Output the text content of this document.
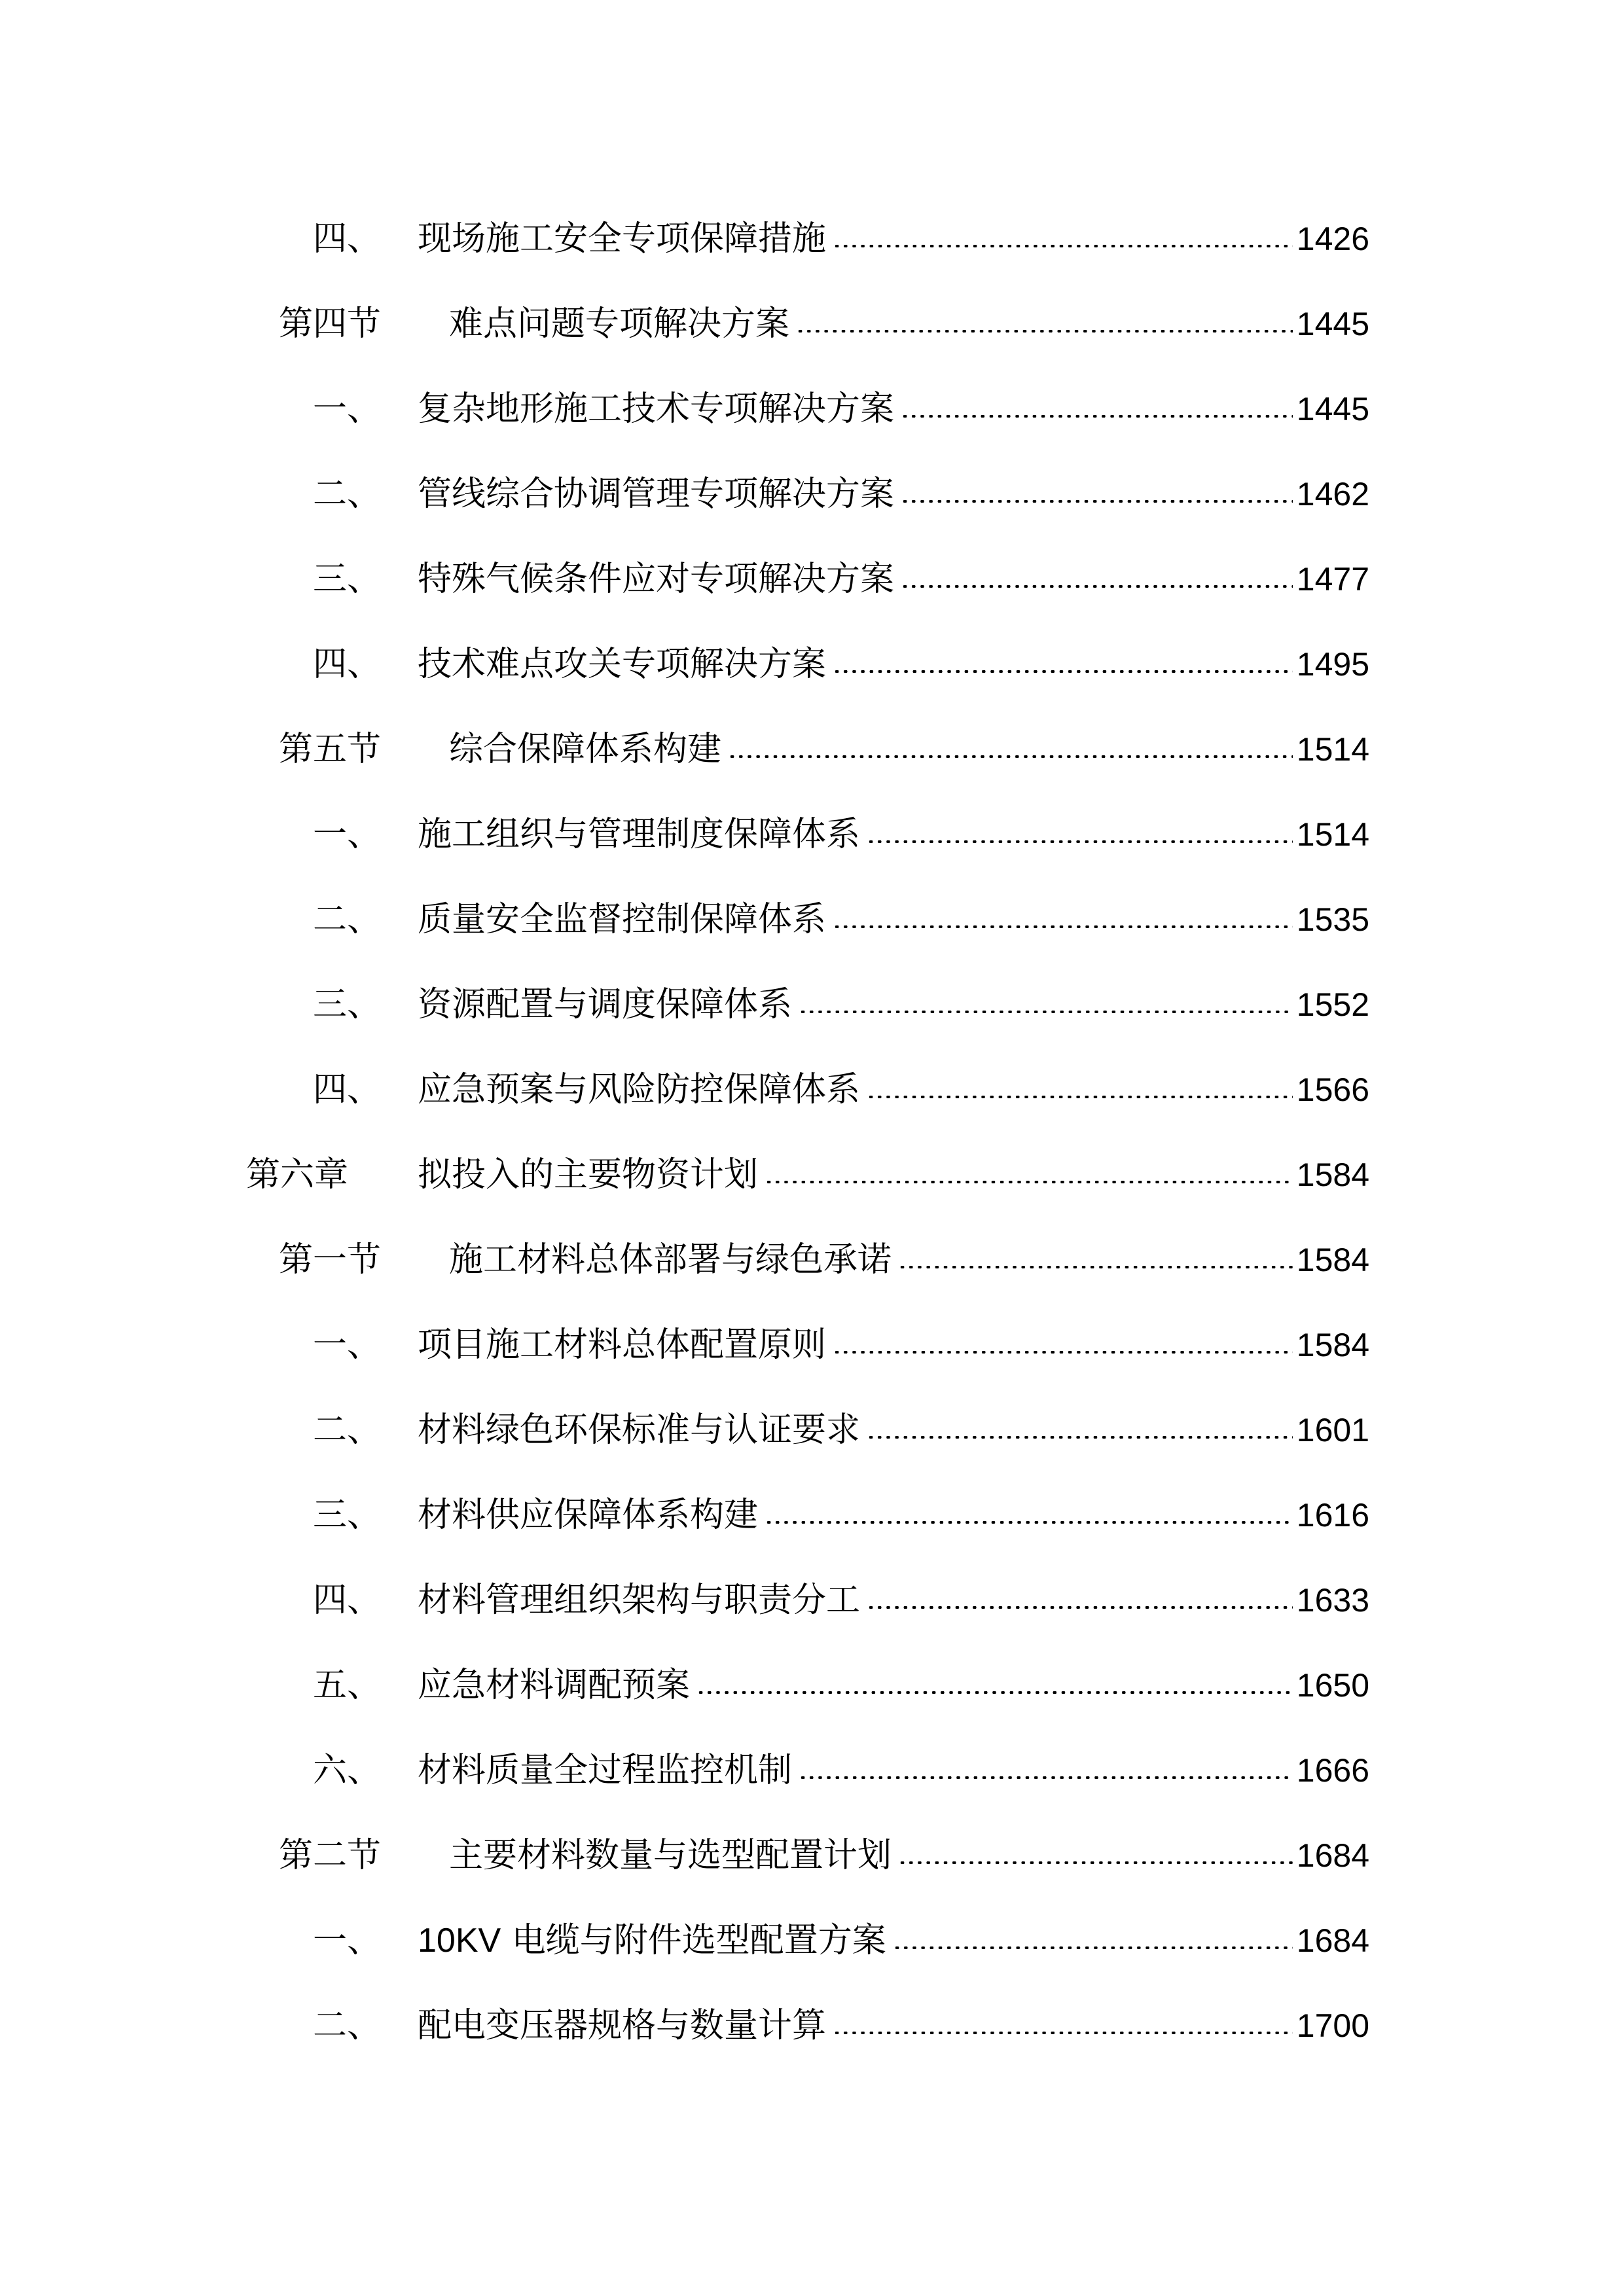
四、	现场施工安全专项保障措施	1426
第四节	难点问题专项解决方案	1445
一、	复杂地形施工技术专项解决方案	1445
二、	管线综合协调管理专项解决方案	1462
三、	特殊气候条件应对专项解决方案	1477
四、	技术难点攻关专项解决方案	1495
第五节	综合保障体系构建	1514
一、	施工组织与管理制度保障体系	1514
二、	质量安全监督控制保障体系	1535
三、	资源配置与调度保障体系	1552
四、	应急预案与风险防控保障体系	1566
第六章	拟投入的主要物资计划	1584
第一节	施工材料总体部署与绿色承诺	1584
一、	项目施工材料总体配置原则	1584
二、	材料绿色环保标准与认证要求	1601
三、	材料供应保障体系构建	1616
四、	材料管理组织架构与职责分工	1633
五、	应急材料调配预案	1650
六、	材料质量全过程监控机制	1666
第二节	主要材料数量与选型配置计划	1684
一、	10KV 电缆与附件选型配置方案	1684
二、	配电变压器规格与数量计算	1700
